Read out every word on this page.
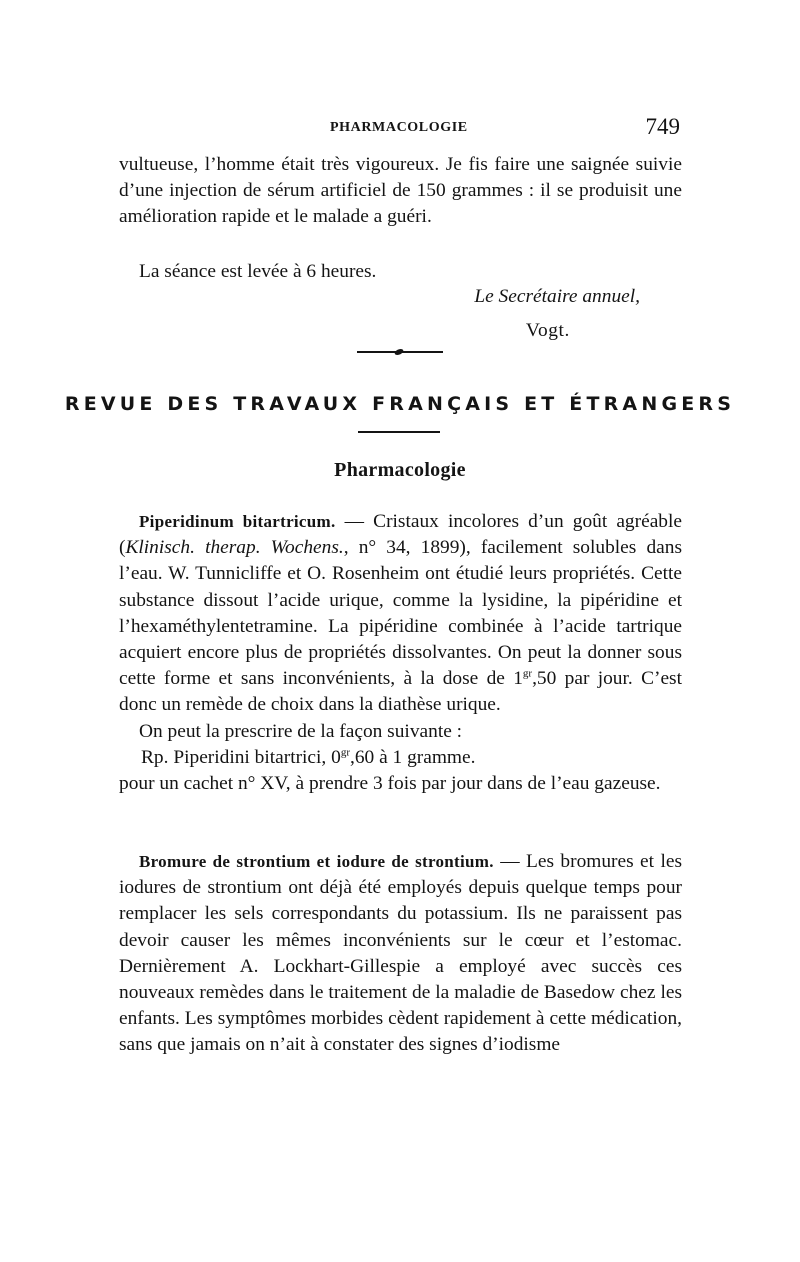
PHARMACOLOGIE	749

vultueuse, l’homme était très vigoureux. Je fis faire une saignée suivie d’une injection de sérum artificiel de 150 grammes : il se produisit une amélioration rapide et le malade a guéri.

La séance est levée à 6 heures.

Le Secrétaire annuel,
Vogt.
REVUE DES TRAVAUX FRANÇAIS ET ÉTRANGERS
Pharmacologie

Piperidinum bitartricum. — Cristaux incolores d’un goût agréable (Klinisch. therap. Wochens., n° 34, 1899), facilement solubles dans l’eau. W. Tunnicliffe et O. Rosenheim ont étudié leurs propriétés. Cette substance dissout l’acide urique, comme la lysidine, la pipéridine et l’hexaméthylentetramine. La pipéridine combinée à l’acide tartrique acquiert encore plus de propriétés dissolvantes. On peut la donner sous cette forme et sans inconvénients, à la dose de $1^{gr},50$ par jour. C’est donc un remède de choix dans la diathèse urique.

On peut la prescrire de la façon suivante :

Rp. Piperidini bitartrici, $0^{gr},60$ à 1 gramme.

pour un cachet n° XV, à prendre 3 fois par jour dans de l’eau gazeuse.

Bromure de strontium et iodure de strontium. — Les bromures et les iodures de strontium ont déjà été employés depuis quelque temps pour remplacer les sels correspondants du potassium. Ils ne paraissent pas devoir causer les mêmes inconvénients sur le cœur et l’estomac. Dernièrement A. Lockhart-Gillespie a employé avec succès ces nouveaux remèdes dans le traitement de la maladie de Basedow chez les enfants. Les symptômes morbides cèdent rapidement à cette médication, sans que jamais on n’ait à constater des signes d’iodisme
